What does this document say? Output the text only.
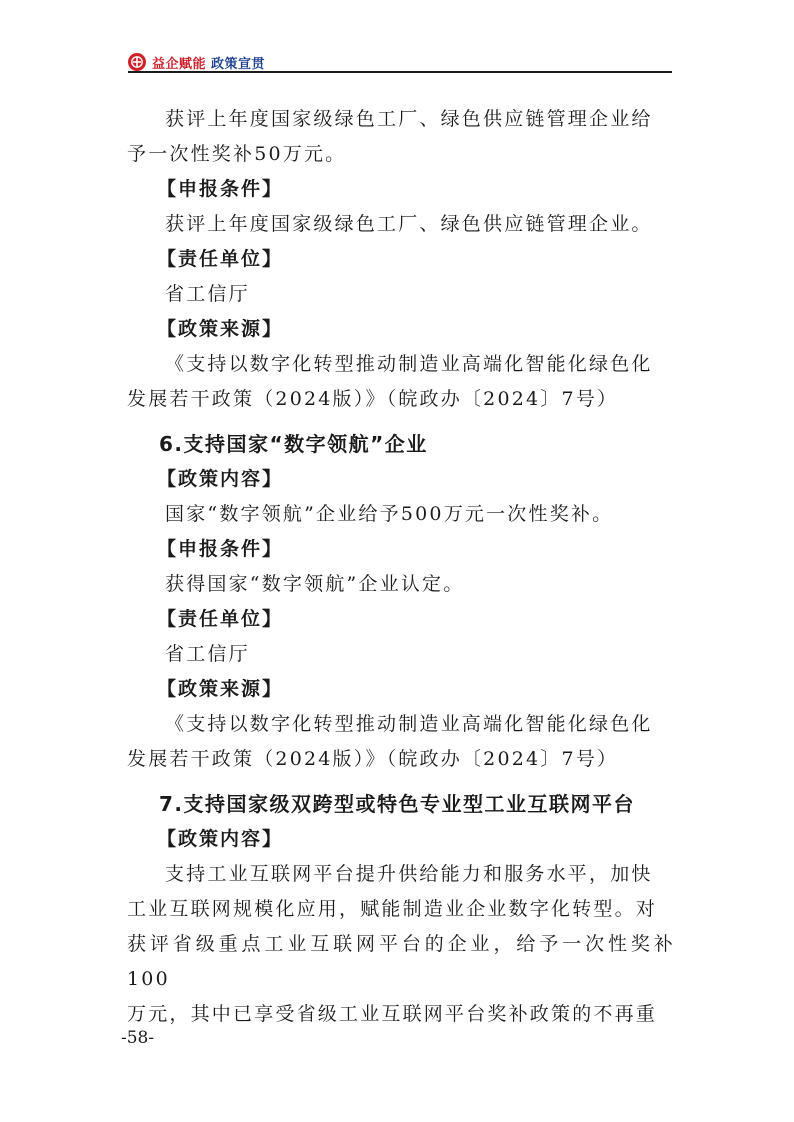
益企赋能 政策宣贯

获评上年度国家级绿色工厂、绿色供应链管理企业给

予一次性奖补50万元。

【申报条件】

获评上年度国家级绿色工厂、绿色供应链管理企业。

【责任单位】

省工信厅

【政策来源】

《支持以数字化转型推动制造业高端化智能化绿色化

发展若干政策（2024版）》（皖政办〔2024〕7号）

6.支持国家“数字领航”企业

【政策内容】

国家“数字领航”企业给予500万元一次性奖补。

【申报条件】

获得国家“数字领航”企业认定。

【责任单位】

省工信厅

【政策来源】

《支持以数字化转型推动制造业高端化智能化绿色化

发展若干政策（2024版）》（皖政办〔2024〕7号）

7.支持国家级双跨型或特色专业型工业互联网平台

【政策内容】

支持工业互联网平台提升供给能力和服务水平，加快

工业互联网规模化应用，赋能制造业企业数字化转型。对

获评省级重点工业互联网平台的企业，给予一次性奖补100

万元，其中已享受省级工业互联网平台奖补政策的不再重

-58-
